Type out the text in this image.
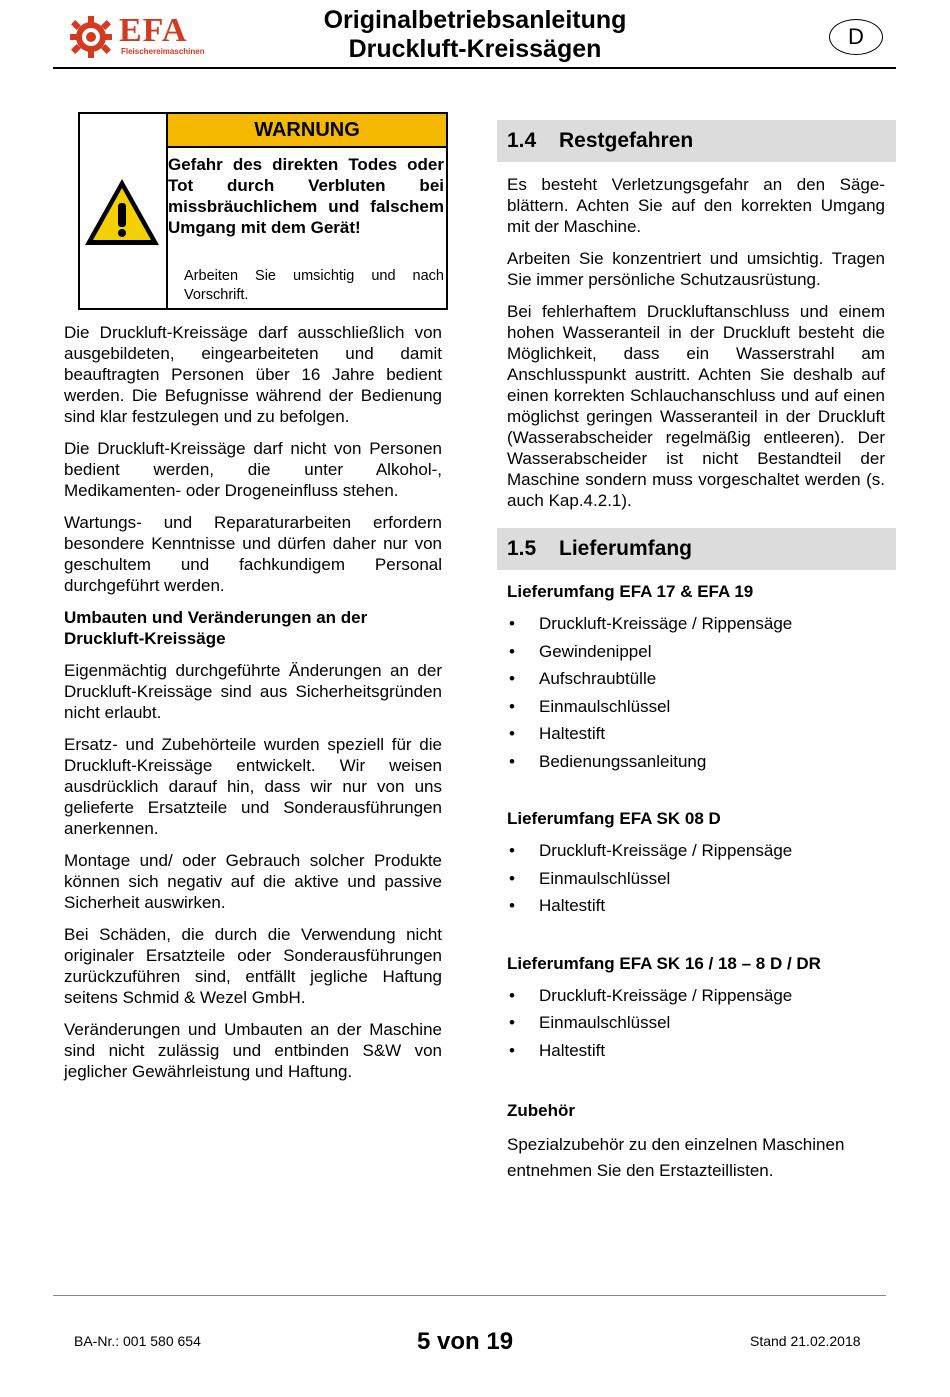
EFA
Fleischereimaschinen
Originalbetriebsanleitung
Druckluft-Kreissägen	D
WARNUNG
Gefahr des direkten Todes oder Tot durch Verbluten bei missbräuchlichem und falschem Umgang mit dem Gerät!
Arbeiten Sie umsichtig und nach Vorschrift.

Die Druckluft-Kreissäge darf ausschließlich von ausgebildeten, eingearbeiteten und damit beauftragten Personen über 16 Jahre bedient werden. Die Befugnisse während der Bedienung sind klar festzulegen und zu befolgen.

Die Druckluft-Kreissäge darf nicht von Personen bedient werden, die unter Alkohol-, Medikamenten- oder Drogeneinfluss stehen.

Wartungs- und Reparaturarbeiten erfordern besondere Kenntnisse und dürfen daher nur von geschultem und fachkundigem Personal durchgeführt werden.

Umbauten und Veränderungen an der Druckluft-Kreissäge

Eigenmächtig durchgeführte Änderungen an der Druckluft-Kreissäge sind aus Sicherheitsgründen nicht erlaubt.

Ersatz- und Zubehörteile wurden speziell für die Druckluft-Kreissäge entwickelt. Wir weisen ausdrücklich darauf hin, dass wir nur von uns gelieferte Ersatzteile und Sonderausführungen anerkennen.

Montage und/ oder Gebrauch solcher Produkte können sich negativ auf die aktive und passive Sicherheit auswirken.

Bei Schäden, die durch die Verwendung nicht originaler Ersatzteile oder Sonderausführungen zurückzuführen sind, entfällt jegliche Haftung seitens Schmid & Wezel GmbH.

Veränderungen und Umbauten an der Maschine sind nicht zulässig und entbinden S&W von jeglicher Gewährleistung und Haftung.

1.4 Restgefahren

Es besteht Verletzungsgefahr an den Sägeblättern. Achten Sie auf den korrekten Umgang mit der Maschine.

Arbeiten Sie konzentriert und umsichtig. Tragen Sie immer persönliche Schutzausrüstung.

Bei fehlerhaftem Druckluftanschluss und einem hohen Wasseranteil in der Druckluft besteht die Möglichkeit, dass ein Wasserstrahl am Anschlusspunkt austritt. Achten Sie deshalb auf einen korrekten Schlauchanschluss und auf einen möglichst geringen Wasseranteil in der Druckluft (Wasserabscheider regelmäßig entleeren). Der Wasserabscheider ist nicht Bestandteil der Maschine sondern muss vorgeschaltet werden (s. auch Kap.4.2.1).

1.5 Lieferumfang
Lieferumfang EFA 17 & EFA 19
• Druckluft-Kreissäge / Rippensäge
• Gewindenippel
• Aufschraubtülle
• Einmaulschlüssel
• Haltestift
• Bedienungssanleitung
Lieferumfang EFA SK 08 D
• Druckluft-Kreissäge / Rippensäge
• Einmaulschlüssel
• Haltestift
Lieferumfang EFA SK 16 / 18 – 8 D / DR
• Druckluft-Kreissäge / Rippensäge
• Einmaulschlüssel
• Haltestift
Zubehör

Spezialzubehör zu den einzelnen Maschinen entnehmen Sie den Erstazteillisten.

BA-Nr.: 001 580 654	5 von 19	Stand 21.02.2018
